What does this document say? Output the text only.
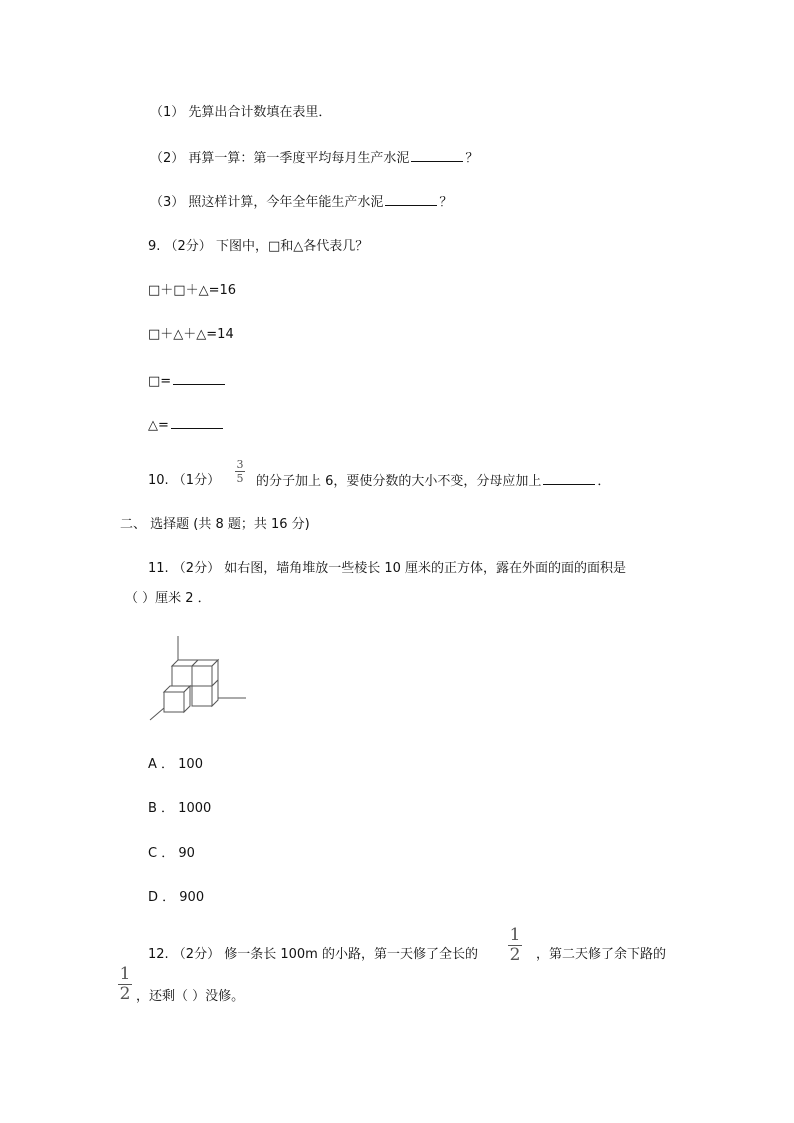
（1） 先算出合计数填在表里．
（2） 再算一算：第一季度平均每月生产水泥	？
（3） 照这样计算，今年全年能生产水泥	？
9. （2分） 下图中，□和△各代表几？
□＋□＋△=16
□＋△＋△=14
□=
△=
10. （1分）
3
5 的分子加上 6，要使分数的大小不变，分母应加上	．
二、 选择题 (共 8 题；共 16 分)
11. （2分） 如右图，墙角堆放一些棱长 10 厘米的正方体，露在外面的面的面积是
（ ）厘米 2 ．
A ． 100
B ． 1000
C ． 90
D ． 900
12. （2分） 修一条长 100m 的小路，第一天修了全长的
1
2 ，第二天修了余下路的
1
2 ，还剩（ ）没修。
